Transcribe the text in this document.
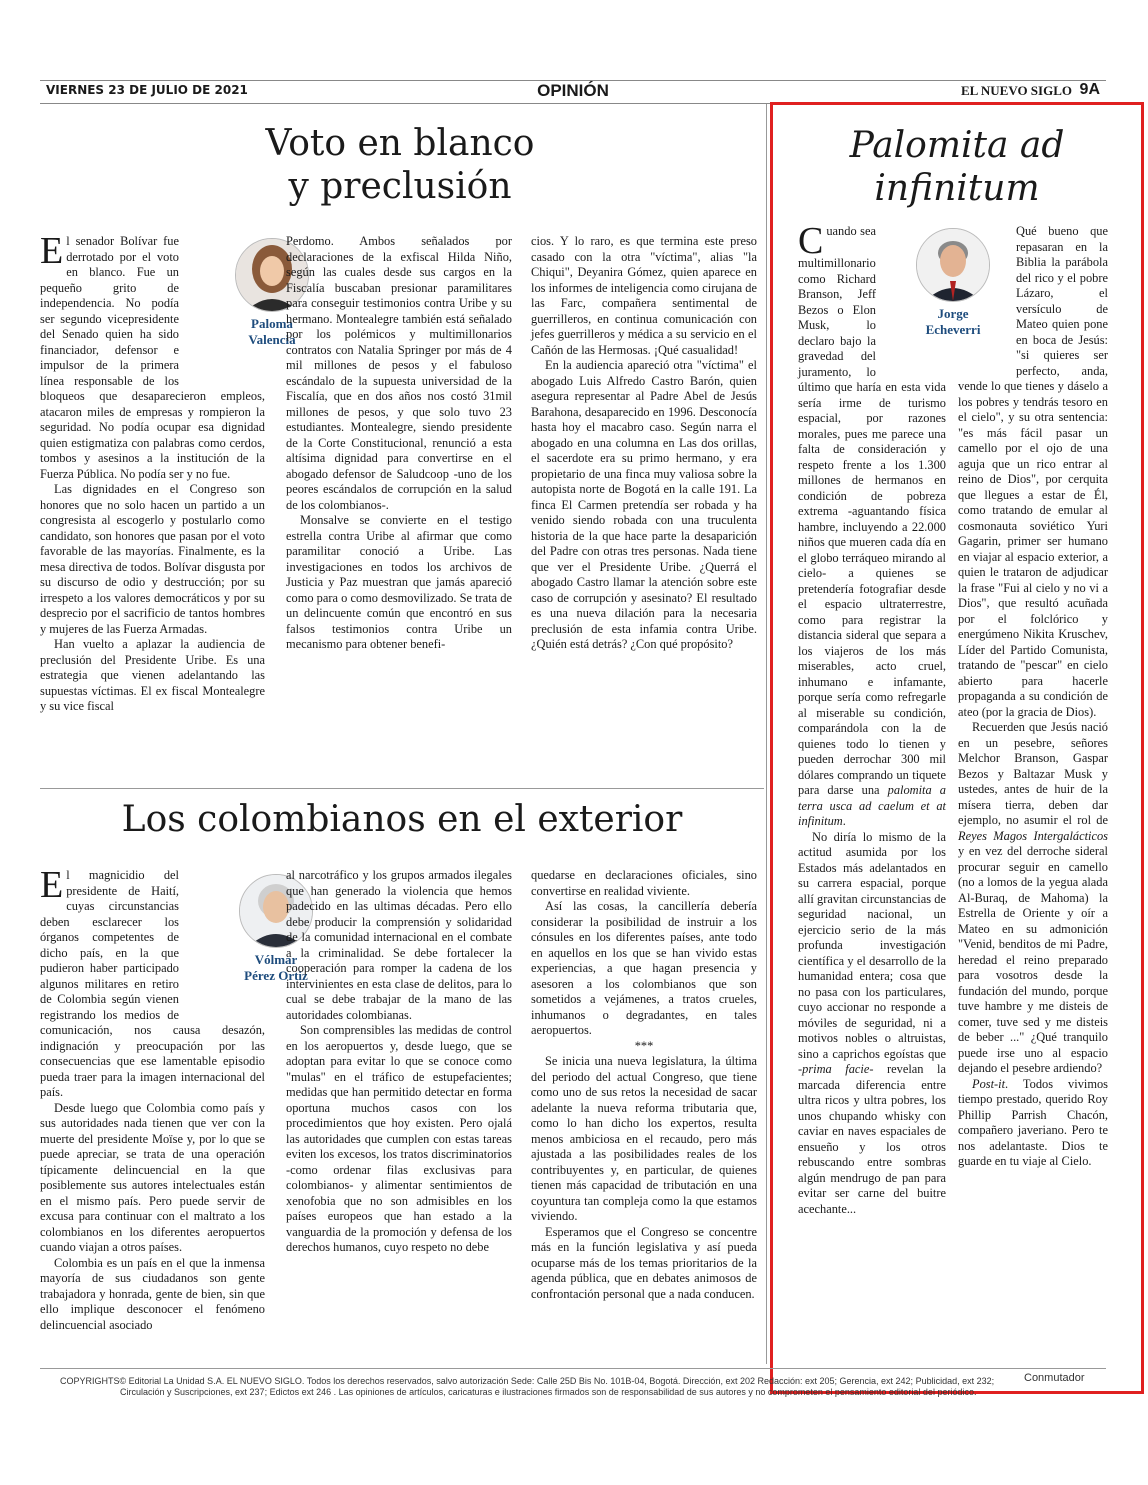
VIERNES 23 DE JULIO DE 2021	OPINIÓN	EL NUEVO SIGLO 9A
Voto en blanco
y preclusión

El senador Bolívar fue derrotado por el voto en blanco. Fue un pequeño grito de independencia. No podía ser segundo vicepresidente del Senado quien ha sido financiador, defensor e impulsor de la primera línea responsable de los bloqueos que desaparecieron empleos, atacaron miles de empresas y rompieron la seguridad. No podía ocupar esa dignidad quien estigmatiza con palabras como cerdos, tombos y asesinos a la institución de la Fuerza Pública. No podía ser y no fue.

Las dignidades en el Congreso son honores que no solo hacen un partido a un congresista al escogerlo y postularlo como candidato, son honores que pasan por el voto favorable de las mayorías. Finalmente, es la mesa directiva de todos. Bolívar disgusta por su discurso de odio y destrucción; por su irrespeto a los valores democráticos y por su desprecio por el sacrificio de tantos hombres y mujeres de las Fuerza Armadas.

Han vuelto a aplazar la audiencia de preclusión del Presidente Uribe. Es una estrategia que vienen adelantando las supuestas víctimas. El ex fiscal Montealegre y su vice fiscal

Paloma
Valencia

Perdomo. Ambos señalados por declaraciones de la exfiscal Hilda Niño, según las cuales desde sus cargos en la Fiscalía buscaban presionar paramilitares para conseguir testimonios contra Uribe y su hermano. Montealegre también está señalado por los polémicos y multimillonarios contratos con Natalia Springer por más de 4 mil millones de pesos y el fabuloso escándalo de la supuesta universidad de la Fiscalía, que en dos años nos costó 31mil millones de pesos, y que solo tuvo 23 estudiantes. Montealegre, siendo presidente de la Corte Constitucional, renunció a esta altísima dignidad para convertirse en el abogado defensor de Saludcoop -uno de los peores escándalos de corrupción en la salud de los colombianos-.

Monsalve se convierte en el testigo estrella contra Uribe al afirmar que como paramilitar conoció a Uribe. Las investigaciones en todos los archivos de Justicia y Paz muestran que jamás apareció como para o como desmovilizado. Se trata de un delincuente común que encontró en sus falsos testimonios contra Uribe un mecanismo para obtener benefi-

cios. Y lo raro, es que termina este preso casado con la otra "víctima", alias "la Chiqui", Deyanira Gómez, quien aparece en los informes de inteligencia como cirujana de las Farc, compañera sentimental de guerrilleros, en continua comunicación con jefes guerrilleros y médica a su servicio en el Cañón de las Hermosas. ¡Qué casualidad!

En la audiencia apareció otra "víctima" el abogado Luis Alfredo Castro Barón, quien asegura representar al Padre Abel de Jesús Barahona, desaparecido en 1996. Desconocía hasta hoy el macabro caso. Según narra el abogado en una columna en Las dos orillas, el sacerdote era su primo hermano, y era propietario de una finca muy valiosa sobre la autopista norte de Bogotá en la calle 191. La finca El Carmen pretendía ser robada y ha venido siendo robada con una truculenta historia de la que hace parte la desaparición del Padre con otras tres personas. Nada tiene que ver el Presidente Uribe. ¿Querrá el abogado Castro llamar la atención sobre este caso de corrupción y asesinato? El resultado es una nueva dilación para la necesaria preclusión de esta infamia contra Uribe. ¿Quién está detrás? ¿Con qué propósito?

Los colombianos en el exterior

El magnicidio del presidente de Haití, cuyas circunstancias deben esclarecer los órganos competentes de dicho país, en la que pudieron haber participado algunos militares en retiro de Colombia según vienen registrando los medios de comunicación, nos causa desazón, indignación y preocupación por las consecuencias que ese lamentable episodio pueda traer para la imagen internacional del país.

Desde luego que Colombia como país y sus autoridades nada tienen que ver con la muerte del presidente Moïse y, por lo que se puede apreciar, se trata de una operación típicamente delincuencial en la que posiblemente sus autores intelectuales están en el mismo país. Pero puede servir de excusa para continuar con el maltrato a los colombianos en los diferentes aeropuertos cuando viajan a otros países.

Colombia es un país en el que la inmensa mayoría de sus ciudadanos son gente trabajadora y honrada, gente de bien, sin que ello implique desconocer el fenómeno delincuencial asociado

Vólmar
Pérez Ortiz

al narcotráfico y los grupos armados ilegales que han generado la violencia que hemos padecido en las ultimas décadas. Pero ello debe producir la comprensión y solidaridad de la comunidad internacional en el combate a la criminalidad. Se debe fortalecer la cooperación para romper la cadena de los intervinientes en esta clase de delitos, para lo cual se debe trabajar de la mano de las autoridades colombianas.

Son comprensibles las medidas de control en los aeropuertos y, desde luego, que se adoptan para evitar lo que se conoce como "mulas" en el tráfico de estupefacientes; medidas que han permitido detectar en forma oportuna muchos casos con los procedimientos que hoy existen. Pero ojalá las autoridades que cumplen con estas tareas eviten los excesos, los tratos discriminatorios -como ordenar filas exclusivas para colombianos- y alimentar sentimientos de xenofobia que no son admisibles en los países europeos que han estado a la vanguardia de la promoción y defensa de los derechos humanos, cuyo respeto no debe

quedarse en declaraciones oficiales, sino convertirse en realidad viviente.

Así las cosas, la cancillería debería considerar la posibilidad de instruir a los cónsules en los diferentes países, ante todo en aquellos en los que se han vivido estas experiencias, a que hagan presencia y asesoren a los colombianos que son sometidos a vejámenes, a tratos crueles, inhumanos o degradantes, en tales aeropuertos.

***

Se inicia una nueva legislatura, la última del periodo del actual Congreso, que tiene como uno de sus retos la necesidad de sacar adelante la nueva reforma tributaria que, como lo han dicho los expertos, resulta menos ambiciosa en el recaudo, pero más ajustada a las posibilidades reales de los contribuyentes y, en particular, de quienes tienen más capacidad de tributación en una coyuntura tan compleja como la que estamos viviendo.

Esperamos que el Congreso se concentre más en la función legislativa y así pueda ocuparse más de los temas prioritarios de la agenda pública, que en debates animosos de confrontación personal que a nada conducen.

Palomita ad
infinitum

Cuando sea multimillonario como Richard Branson, Jeff Bezos o Elon Musk, lo declaro bajo la gravedad del juramento, lo último que haría en esta vida sería irme de turismo espacial, por razones morales, pues me parece una falta de consideración y respeto frente a los 1.300 millones de hermanos en condición de pobreza extrema -aguantando física hambre, incluyendo a 22.000 niños que mueren cada día en el globo terráqueo mirando al cielo- a quienes se pretendería fotografiar desde el espacio ultraterrestre, como para registrar la distancia sideral que separa a los viajeros de los más miserables, acto cruel, inhumano e infamante, porque sería como refregarle al miserable su condición, comparándola con la de quienes todo lo tienen y pueden derrochar 300 mil dólares comprando un tiquete para darse una palomita a terra usca ad caelum et at infinitum.

No diría lo mismo de la actitud asumida por los Estados más adelantados en su carrera espacial, porque allí gravitan circunstancias de seguridad nacional, un ejercicio serio de la más profunda investigación científica y el desarrollo de la humanidad entera; cosa que no pasa con los particulares, cuyo accionar no responde a móviles de seguridad, ni a motivos nobles o altruistas, sino a caprichos egoístas que -prima facie- revelan la marcada diferencia entre ultra ricos y ultra pobres, los unos chupando whisky con caviar en naves espaciales de ensueño y los otros rebuscando entre sombras algún mendrugo de pan para evitar ser carne del buitre acechante...

Jorge
Echeverri

Qué bueno que repasaran en la Biblia la parábola del rico y el pobre Lázaro, el versículo de Mateo quien pone en boca de Jesús: "si quieres ser perfecto, anda, vende lo que tienes y dáselo a los pobres y tendrás tesoro en el cielo", y su otra sentencia: "es más fácil pasar un camello por el ojo de una aguja que un rico entrar al reino de Dios", por cerquita que llegues a estar de Él, como tratando de emular al cosmonauta soviético Yuri Gagarin, primer ser humano en viajar al espacio exterior, a quien le trataron de adjudicar la frase "Fui al cielo y no vi a Dios", que resultó acuñada por el folclórico y energúmeno Nikita Kruschev, Líder del Partido Comunista, tratando de "pescar" en cielo abierto para hacerle propaganda a su condición de ateo (por la gracia de Dios).

Recuerden que Jesús nació en un pesebre, señores Melchor Branson, Gaspar Bezos y Baltazar Musk y ustedes, antes de huir de la mísera tierra, deben dar ejemplo, no asumir el rol de Reyes Magos Intergalácticos y en vez del derroche sideral procurar seguir en camello (no a lomos de la yegua alada Al-Buraq, de Mahoma) la Estrella de Oriente y oír a Mateo en su admonición "Venid, benditos de mi Padre, heredad el reino preparado para vosotros desde la fundación del mundo, porque tuve hambre y me disteis de comer, tuve sed y me disteis de beber ..." ¿Qué tranquilo puede irse uno al espacio dejando el pesebre ardiendo?

Post-it. Todos vivimos tiempo prestado, querido Roy Phillip Parrish Chacón, compañero javeriano. Pero te nos adelantaste. Dios te guarde en tu viaje al Cielo.

COPYRIGHTS© Editorial La Unidad S.A. EL NUEVO SIGLO. Todos los derechos reservados, salvo autorización Sede: Calle 25D Bis No. 101B-04, Bogotá. Dirección, ext 202 Redacción: ext 205; Gerencia, ext 242; Publicidad, ext 232;
Circulación y Suscripciones, ext 237; Edictos ext 246 . Las opiniones de artículos, caricaturas e ilustraciones firmados son de responsabilidad de sus autores y no comprometen el pensamiento editorial del periódico.
Conmutador
